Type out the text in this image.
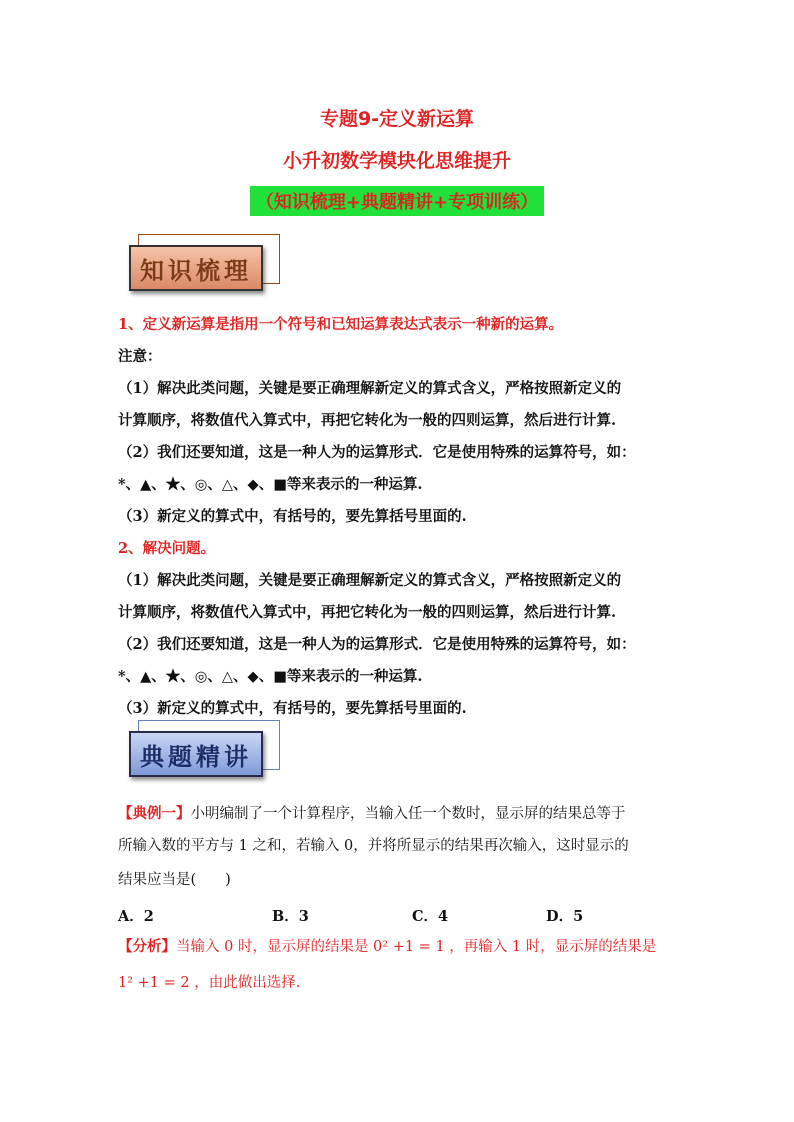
专题9-定义新运算
小升初数学模块化思维提升
（知识梳理+典题精讲+专项训练）
知识梳理
1、定义新运算是指用一个符号和已知运算表达式表示一种新的运算。
注意：
（1）解决此类问题，关键是要正确理解新定义的算式含义，严格按照新定义的
计算顺序，将数值代入算式中，再把它转化为一般的四则运算，然后进行计算.
（2）我们还要知道，这是一种人为的运算形式．它是使用特殊的运算符号，如：
*、▲、★、◎、△、◆、■等来表示的一种运算.
（3）新定义的算式中，有括号的，要先算括号里面的.
2、解决问题。
（1）解决此类问题，关键是要正确理解新定义的算式含义，严格按照新定义的
计算顺序，将数值代入算式中，再把它转化为一般的四则运算，然后进行计算.
（2）我们还要知道，这是一种人为的运算形式．它是使用特殊的运算符号，如：
*、▲、★、◎、△、◆、■等来表示的一种运算.
（3）新定义的算式中，有括号的，要先算括号里面的.
典题精讲
【典例一】小明编制了一个计算程序，当输入任一个数时，显示屏的结果总等于
所输入数的平方与 1 之和，若输入 0，并将所显示的结果再次输入，这时显示的
结果应当是(　　)
A．2	B．3	C．4	D．5
【分析】当输入 0 时，显示屏的结果是 0² +1 = 1 ，再输入 1 时，显示屏的结果是
1² +1 = 2 ，由此做出选择.
